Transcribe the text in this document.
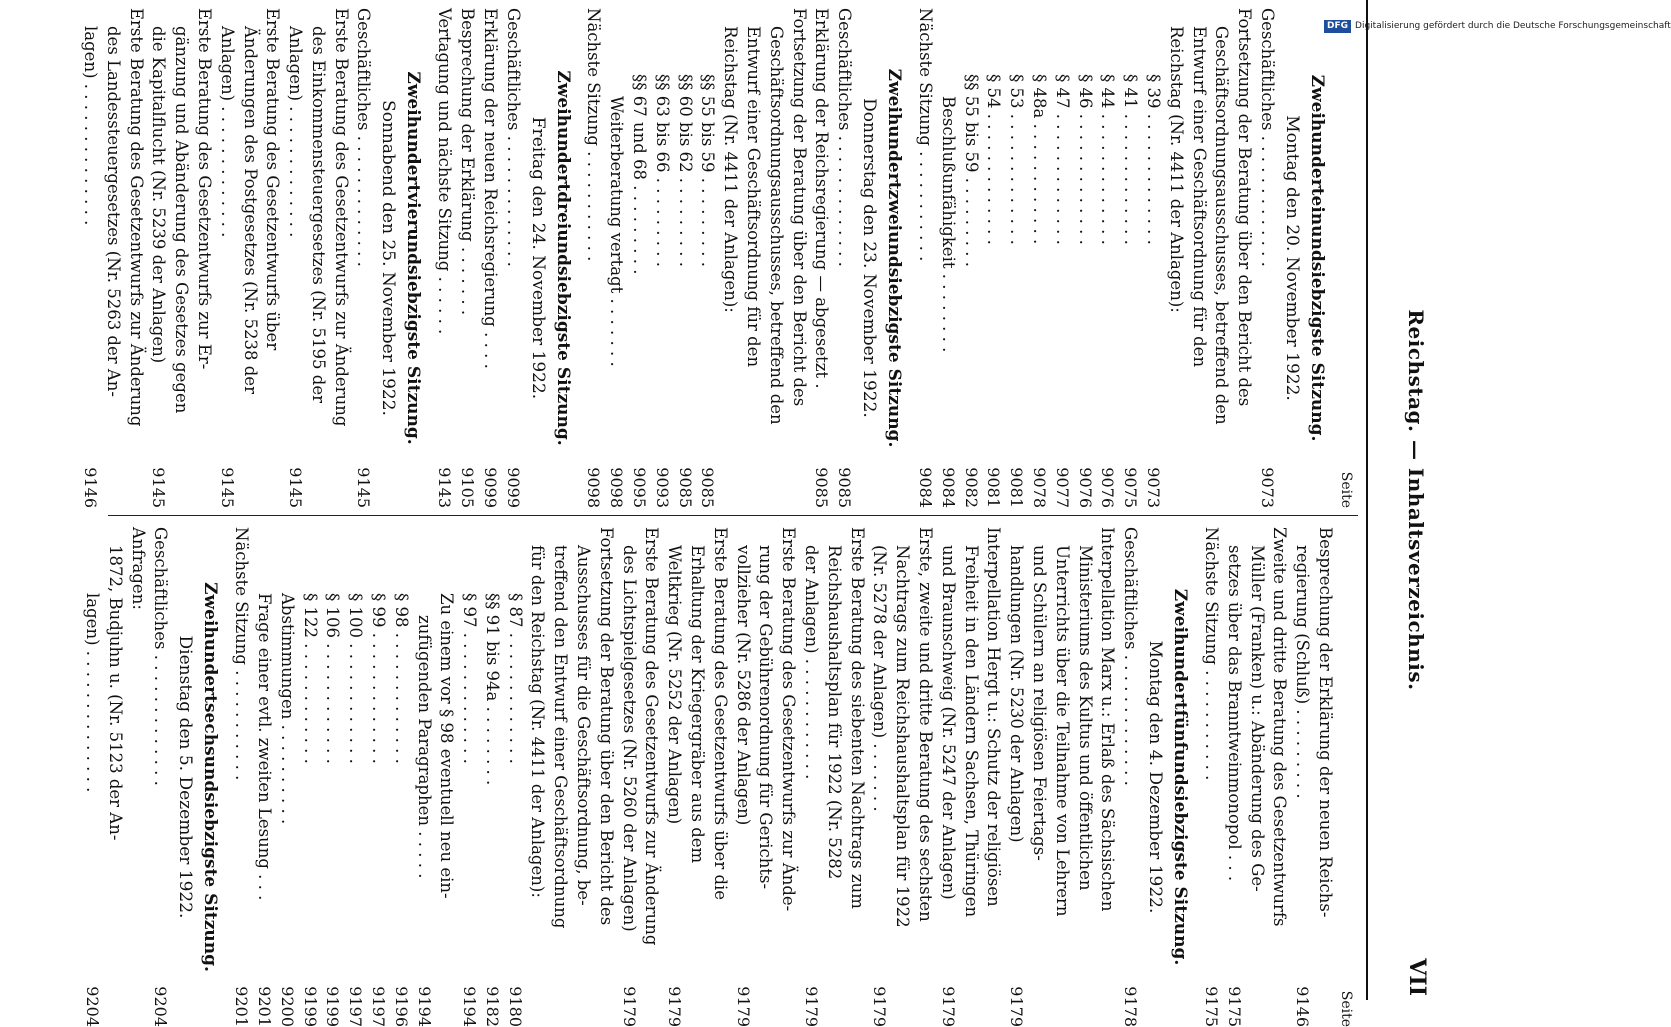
DFG Digitalisierung gefördert durch die Deutsche Forschungsgemeinschaft
Reichstag. — Inhaltsverzeichnis.
VII
Seite
Zweihunderteinundsiebzigste Sitzung.
Montag den 20. November 1922.
Geschäftliches . . . . . . . . . . . . .
9073
Fortsetzung der Beratung über den Bericht des
Geschäftsordnungsausschusses, betreffend den
Entwurf einer Geschäftsordnung für den
Reichstag (Nr. 4411 der Anlagen):
§ 39 . . . . . . . . . . . . .
9073
§ 41 . . . . . . . . . . . . .
9075
§ 44 . . . . . . . . . . . . .
9076
§ 46 . . . . . . . . . . . . .
9076
§ 47 . . . . . . . . . . . . .
9077
§ 48a . . . . . . . . . . . .
9078
§ 53 . . . . . . . . . . . . .
9081
§ 54 . . . . . . . . . . . . .
9081
§§ 55 bis 59 . . . . . . . . .
9082
Beschlußunfähigkeit . . . . . . . .
9084
Nächste Sitzung . . . . . . . . . . .
9084
Zweihundertzweiundsiebzigste Sitzung.
Donnerstag den 23. November 1922.
Geschäftliches . . . . . . . . . . . . .
9085
Erklärung der Reichsregierung — abgesetzt .
9085
Fortsetzung der Beratung über den Bericht des
Geschäftsordnungsausschusses, betreffend den
Entwurf einer Geschäftsordnung für den
Reichstag (Nr. 4411 der Anlagen):
§§ 55 bis 59 . . . . . . . . .
9085
§§ 60 bis 62 . . . . . . . . .
9085
§§ 63 bis 66 . . . . . . . . .
9093
§§ 67 und 68 . . . . . . . . .
9095
Weiterberatung vertagt . . . . . . .
9098
Nächste Sitzung . . . . . . . . . . .
9098
Zweihundertdreiundsiebzigste Sitzung.
Freitag den 24. November 1922.
Geschäftliches . . . . . . . . . . . . .
9099
Erklärung der neuen Reichsregierung . . . .
9099
Besprechung der Erklärung . . . . . . .
9105
Vertagung und nächste Sitzung . . . . . .
9143
Zweihundertvierundsiebzigste Sitzung.
Sonnabend den 25. November 1922.
Geschäftliches . . . . . . . . . . . . .
9145
Erste Beratung des Gesetzentwurfs zur Änderung
des Einkommensteuergesetzes (Nr. 5195 der
Anlagen) . . . . . . . . . . . . .
9145
Erste Beratung des Gesetzentwurfs über
Änderungen des Postgesetzes (Nr. 5238 der
Anlagen) . . . . . . . . . . . . .
9145
Erste Beratung des Gesetzentwurfs zur Er-
gänzung und Abänderung des Gesetzes gegen
die Kapitalflucht (Nr. 5239 der Anlagen)
9145
Erste Beratung des Gesetzentwurfs zur Änderung
des Landessteuergesetzes (Nr. 5263 der An-
lagen) . . . . . . . . . . . . . .
9146
Seite
Besprechung der Erklärung der neuen Reichs-
regierung (Schluß) . . . . . . . . .
9146
Zweite und dritte Beratung des Gesetzentwurfs
Müller (Franken) u.: Abänderung des Ge-
setzes über das Branntweinmonopol . . .
9175
Nächste Sitzung . . . . . . . . . . .
9175
Zweihundertfünfundsiebzigste Sitzung.
Montag den 4. Dezember 1922.
Geschäftliches . . . . . . . . . . . . .
9178
Interpellation Marx u.: Erlaß des Sächsischen
Ministeriums des Kultus und öffentlichen
Unterrichts über die Teilnahme von Lehrern
und Schülern an religiösen Feiertags-
handlungen (Nr. 5230 der Anlagen)
9179
Interpellation Hergt u.: Schutz der religiösen
Freiheit in den Ländern Sachsen, Thüringen
und Braunschweig (Nr. 5247 der Anlagen)
9179
Erste, zweite und dritte Beratung des sechsten
Nachtrags zum Reichshaushaltsplan für 1922
(Nr. 5278 der Anlagen) . . . . . . .
9179
Erste Beratung des siebenten Nachtrags zum
Reichshaushaltsplan für 1922 (Nr. 5282
der Anlagen) . . . . . . . . . . . .
9179
Erste Beratung des Gesetzentwurfs zur Ände-
rung der Gebührenordnung für Gerichts-
vollzieher (Nr. 5286 der Anlagen)
9179
Erste Beratung des Gesetzentwurfs über die
Erhaltung der Kriegergräber aus dem
Weltkrieg (Nr. 5252 der Anlagen)
9179
Erste Beratung des Gesetzentwurfs zur Änderung
des Lichtspielgesetzes (Nr. 5260 der Anlagen)
9179
Fortsetzung der Beratung über den Bericht des
Ausschusses für die Geschäftsordnung, be-
treffend den Entwurf einer Geschäftsordnung
für den Reichstag (Nr. 4411 der Anlagen):
§ 87 . . . . . . . . . . . . .
9180
§§ 91 bis 94a . . . . . . . .
9182
§ 97 . . . . . . . . . . . . .
9194
Zu einem vor § 98 eventuell neu ein-
zufügenden Paragraphen . . . . .
9194
§ 98 . . . . . . . . . . . . .
9196
§ 99 . . . . . . . . . . . . .
9197
§ 100 . . . . . . . . . . . .
9197
§ 106 . . . . . . . . . . . .
9199
§ 122 . . . . . . . . . . . .
9199
Abstimmungen . . . . . . . . . .
9200
Frage einer evtl. zweiten Lesung . . .
9201
Nächste Sitzung . . . . . . . . . . .
9201
Zweihundertsechsundsiebzigste Sitzung.
Dienstag den 5. Dezember 1922.
Geschäftliches . . . . . . . . . . . . .
9204
Anfragen:
1872, Budjuhn u. (Nr. 5123 der An-
lagen) . . . . . . . . . . . . . .
9204
